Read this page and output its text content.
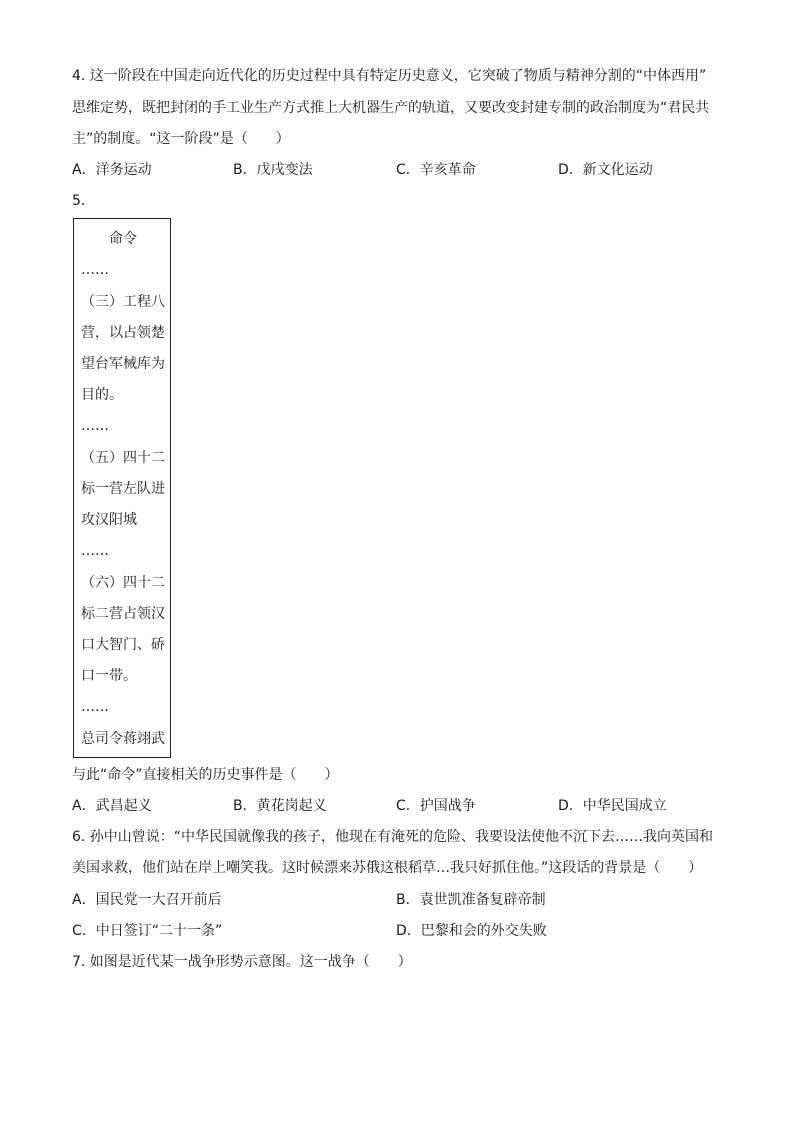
4. 这一阶段在中国走向近代化的历史过程中具有特定历史意义，它突破了物质与精神分割的“中体西用”
思维定势，既把封闭的手工业生产方式推上大机器生产的轨道，又要改变封建专制的政治制度为“君民共
主”的制度。“这一阶段”是（　　）
A．洋务运动	B．戊戌变法	C．辛亥革命	D．新文化运动
5.
命令
……
（三）工程八
营，以占领楚
望台军械库为
目的。
……
（五）四十二
标一营左队进
攻汉阳城
……
（六）四十二
标二营占领汉
口大智门、硚
口一带。
……
总司令蒋翊武
与此“命令”直接相关的历史事件是（　　）
A．武昌起义	B．黄花岗起义	C．护国战争	D．中华民国成立
6. 孙中山曾说：“中华民国就像我的孩子，他现在有淹死的危险、我要设法使他不沉下去……我向英国和
美国求救，他们站在岸上嘲笑我。这时候漂来苏俄这根稻草…我只好抓住他。”这段话的背景是（　　）
A．国民党一大召开前后	B．袁世凯准备复辟帝制
C．中日签订“二十一条”	D．巴黎和会的外交失败
7. 如图是近代某一战争形势示意图。这一战争（　　）
